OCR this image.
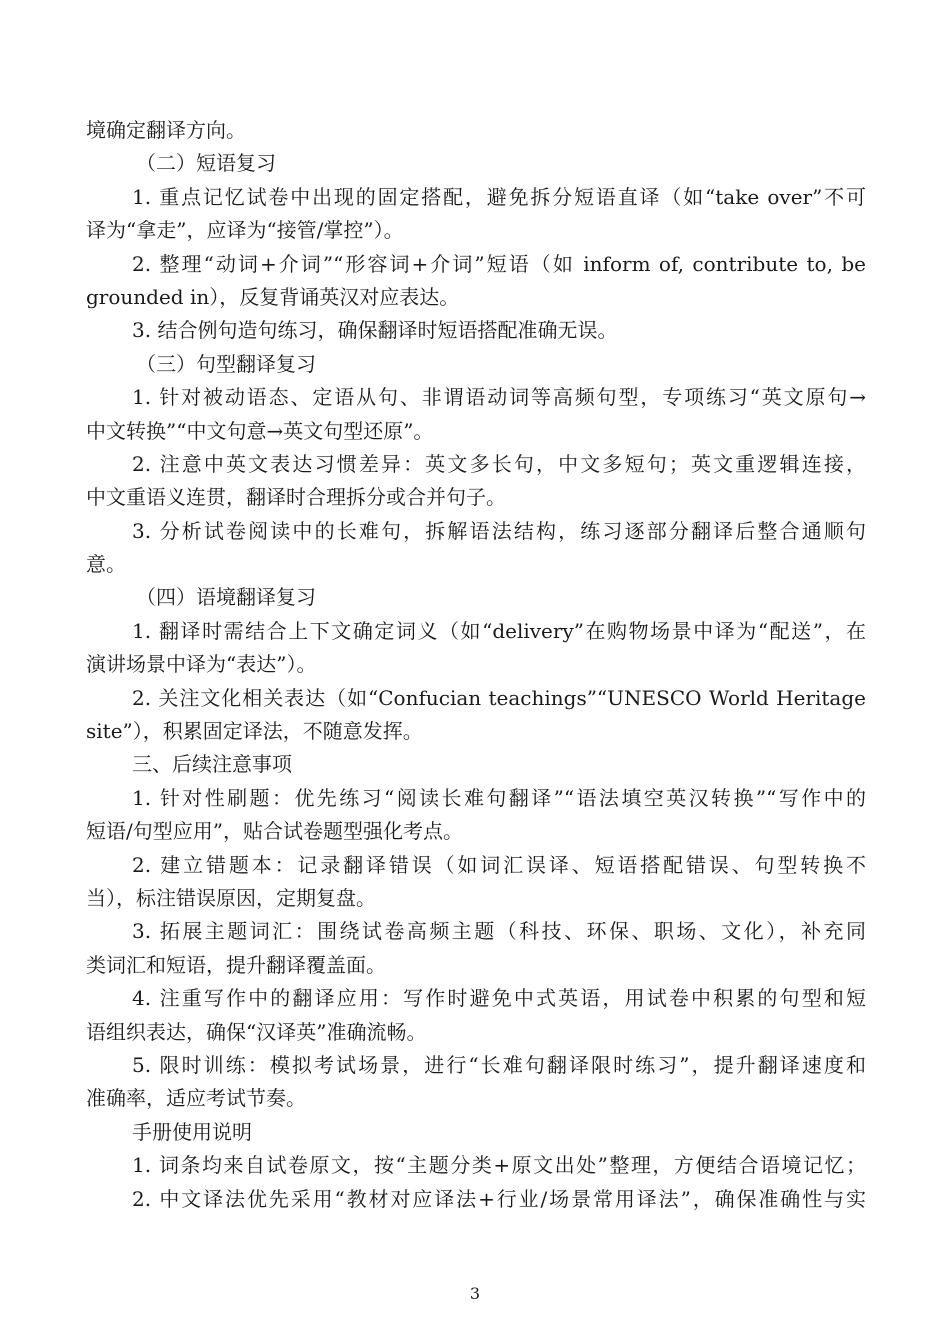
境确定翻译方向。
（二）短语复习
1. 重点记忆试卷中出现的固定搭配，避免拆分短语直译（如“take over”不可
译为“拿走”，应译为“接管/掌控”）。
2. 整理“动词+介词”“形容词+介词”短语（如 inform of, contribute to, be
grounded in），反复背诵英汉对应表达。
3. 结合例句造句练习，确保翻译时短语搭配准确无误。
（三）句型翻译复习
1. 针对被动语态、定语从句、非谓语动词等高频句型，专项练习“英文原句→
中文转换”“中文句意→英文句型还原”。
2. 注意中英文表达习惯差异：英文多长句，中文多短句；英文重逻辑连接，
中文重语义连贯，翻译时合理拆分或合并句子。
3. 分析试卷阅读中的长难句，拆解语法结构，练习逐部分翻译后整合通顺句
意。
（四）语境翻译复习
1. 翻译时需结合上下文确定词义（如“delivery”在购物场景中译为“配送”，在
演讲场景中译为“表达”）。
2. 关注文化相关表达（如“Confucian teachings”“UNESCO World Heritage
site”），积累固定译法，不随意发挥。
三、后续注意事项
1. 针对性刷题：优先练习“阅读长难句翻译”“语法填空英汉转换”“写作中的
短语/句型应用”，贴合试卷题型强化考点。
2. 建立错题本：记录翻译错误（如词汇误译、短语搭配错误、句型转换不
当），标注错误原因，定期复盘。
3. 拓展主题词汇：围绕试卷高频主题（科技、环保、职场、文化），补充同
类词汇和短语，提升翻译覆盖面。
4. 注重写作中的翻译应用：写作时避免中式英语，用试卷中积累的句型和短
语组织表达，确保“汉译英”准确流畅。
5. 限时训练：模拟考试场景，进行“长难句翻译限时练习”，提升翻译速度和
准确率，适应考试节奏。
手册使用说明
1. 词条均来自试卷原文，按“主题分类+原文出处”整理，方便结合语境记忆；
2. 中文译法优先采用“教材对应译法+行业/场景常用译法”，确保准确性与实
3
